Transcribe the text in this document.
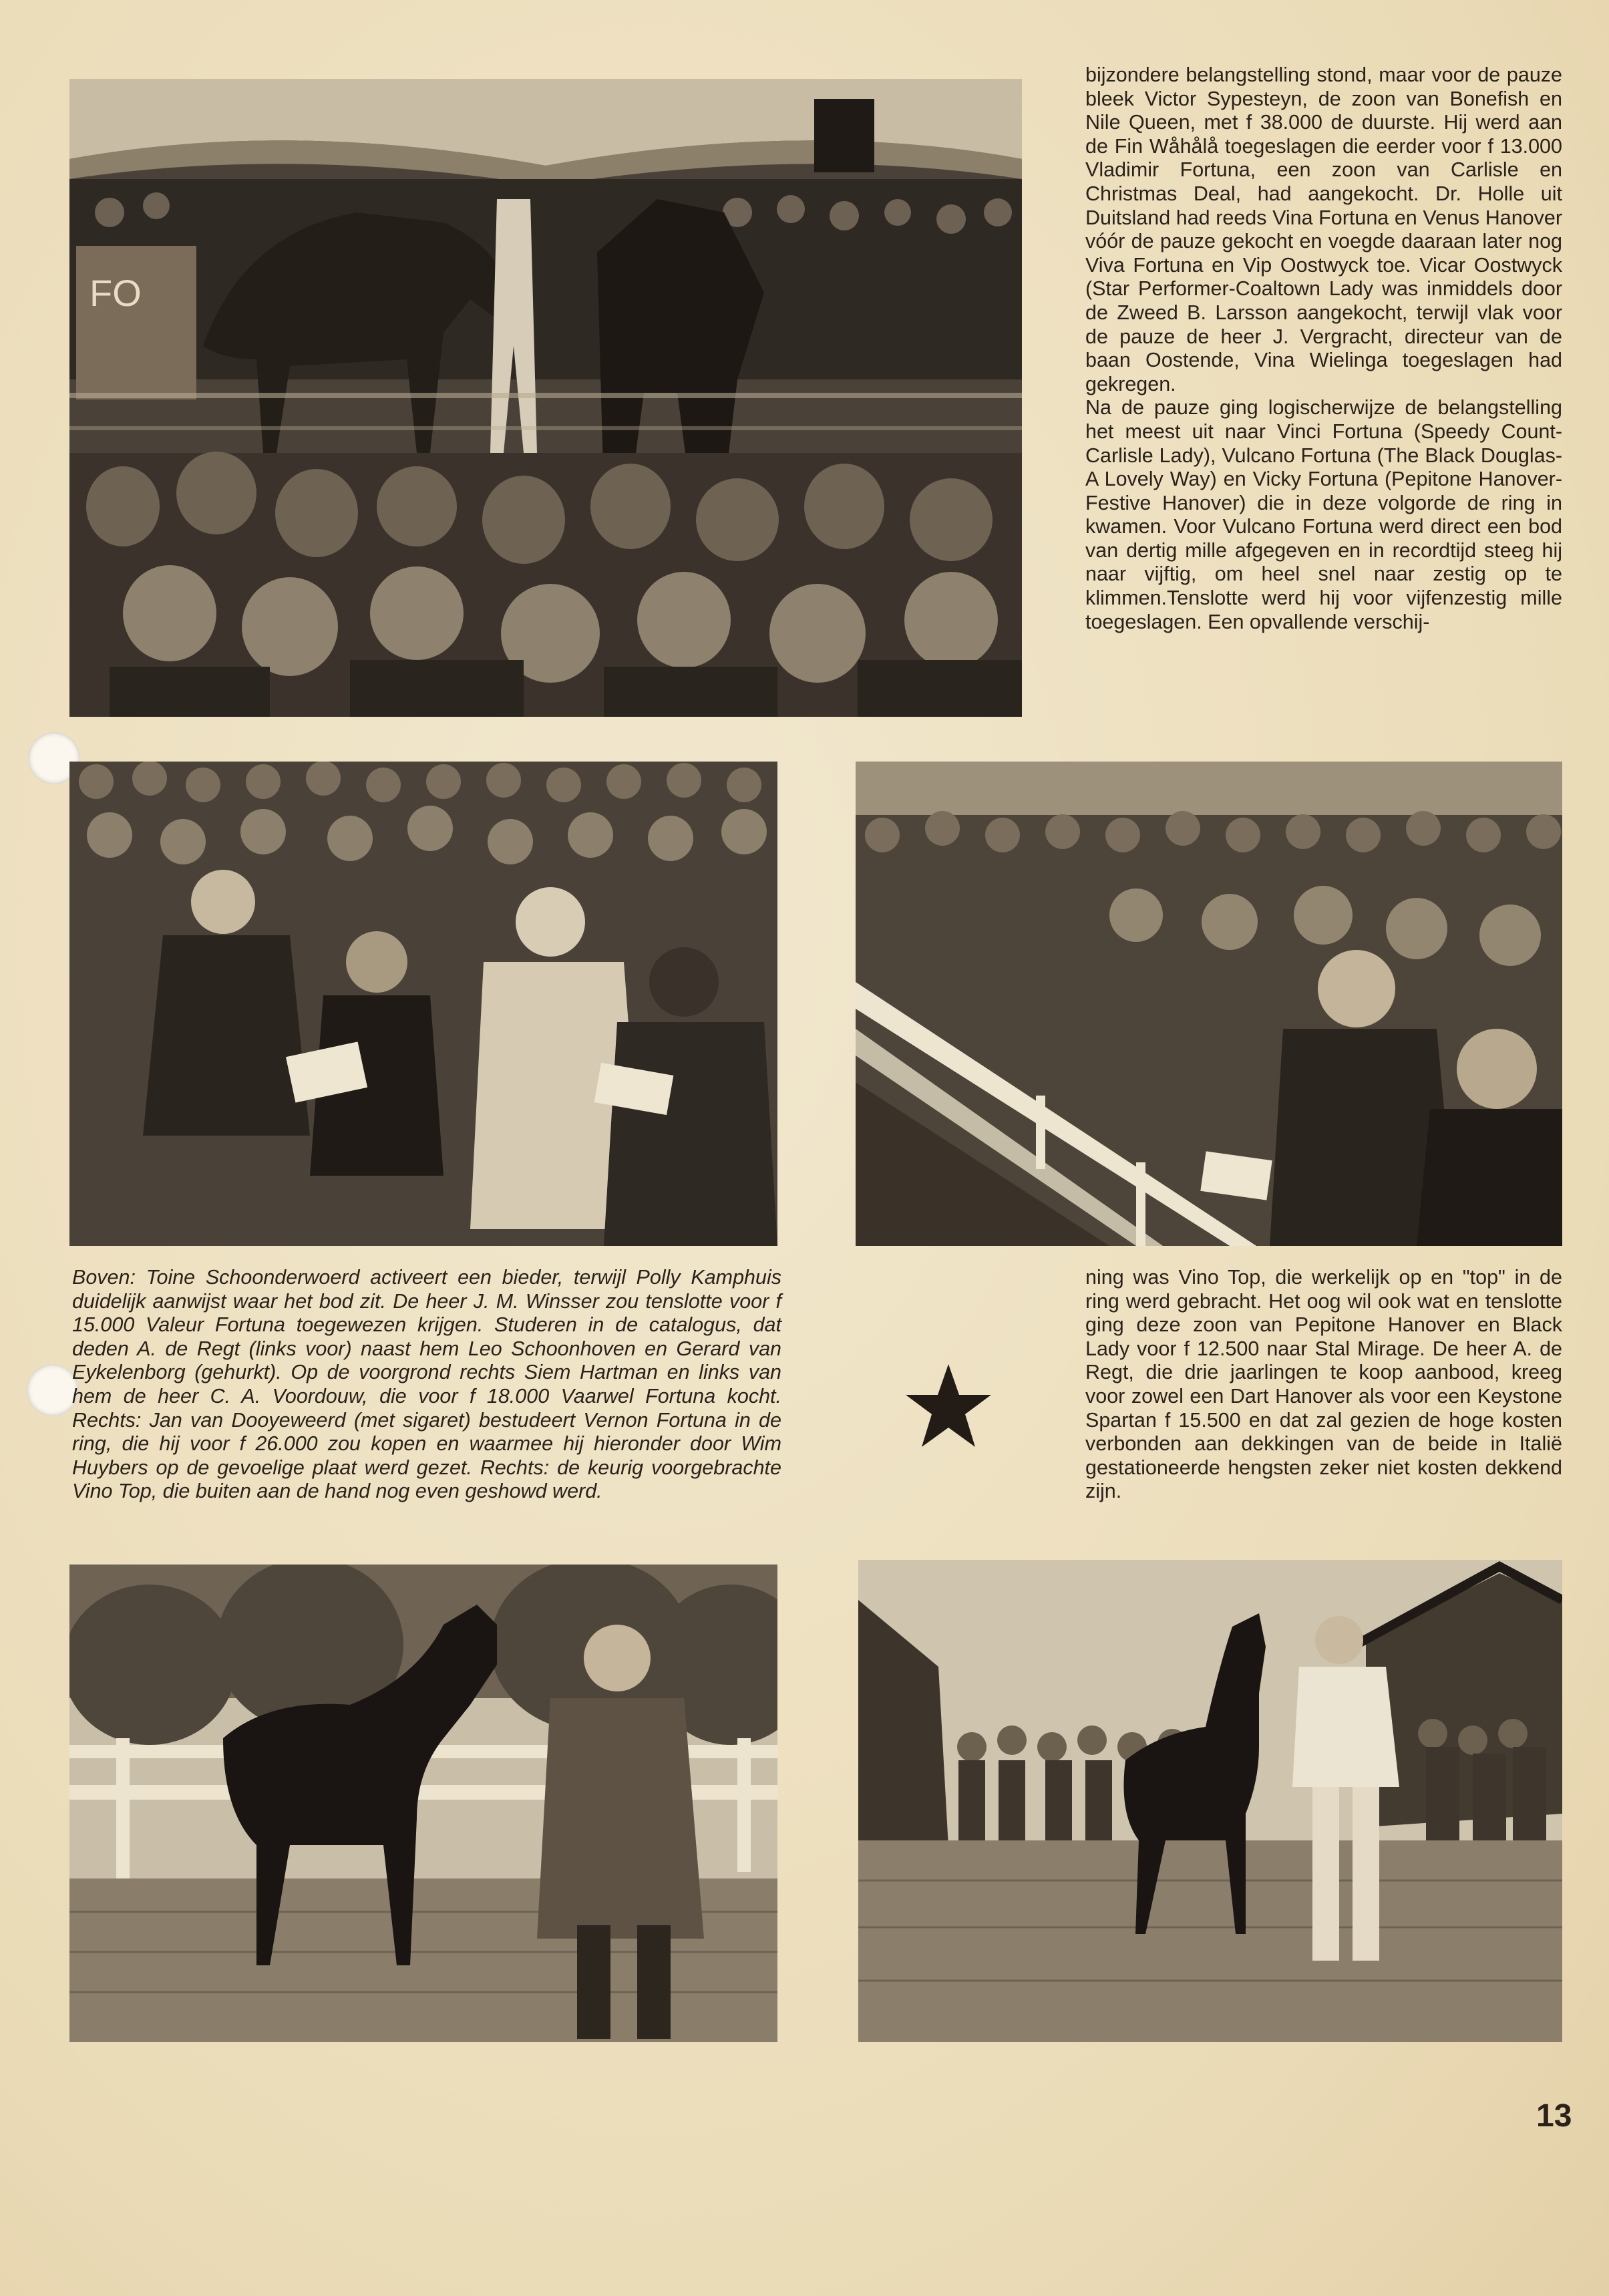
FO

bijzondere belangstelling stond, maar voor de pauze bleek Victor Sypesteyn, de zoon van Bonefish en Nile Queen, met f 38.000 de duurste. Hij werd aan de Fin Wåhålå toegeslagen die eerder voor f 13.000 Vladimir Fortuna, een zoon van Carlisle en Christmas Deal, had aangekocht. Dr. Holle uit Duitsland had reeds Vina Fortuna en Venus Hanover vóór de pauze gekocht en voegde daaraan later nog Viva Fortuna en Vip Oostwyck toe. Vicar Oostwyck (Star Performer-Coaltown Lady was inmiddels door de Zweed B. Larsson aangekocht, terwijl vlak voor de pauze de heer J. Vergracht, directeur van de baan Oostende, Vina Wielinga toegeslagen had gekregen.

Na de pauze ging logischerwijze de belangstelling het meest uit naar Vinci Fortuna (Speedy Count-Carlisle Lady), Vulcano Fortuna (The Black Douglas-A Lovely Way) en Vicky Fortuna (Pepitone Hanover-Festive Hanover) die in deze volgorde de ring in kwamen. Voor Vulcano Fortuna werd direct een bod van dertig mille afgegeven en in recordtijd steeg hij naar vijftig, om heel snel naar zestig op te klimmen.Tenslotte werd hij voor vijfenzestig mille toegeslagen. Een opvallende verschij-

Boven: Toine Schoonderwoerd activeert een bieder, terwijl Polly Kamphuis duidelijk aanwijst waar het bod zit. De heer J. M. Winsser zou tenslotte voor f 15.000 Valeur Fortuna toegewezen krijgen. Studeren in de catalogus, dat deden A. de Regt (links voor) naast hem Leo Schoonhoven en Gerard van Eykelenborg (gehurkt). Op de voorgrond rechts Siem Hartman en links van hem de heer C. A. Voordouw, die voor f 18.000 Vaarwel Fortuna kocht. Rechts: Jan van Dooyeweerd (met sigaret) bestudeert Vernon Fortuna in de ring, die hij voor f 26.000 zou kopen en waarmee hij hieronder door Wim Huybers op de gevoelige plaat werd gezet. Rechts: de keurig voorgebrachte Vino Top, die buiten aan de hand nog even geshowd werd.

ning was Vino Top, die werkelijk op en "top" in de ring werd gebracht. Het oog wil ook wat en tenslotte ging deze zoon van Pepitone Hanover en Black Lady voor f 12.500 naar Stal Mirage. De heer A. de Regt, die drie jaarlingen te koop aanbood, kreeg voor zowel een Dart Hanover als voor een Keystone Spartan f 15.500 en dat zal gezien de hoge kosten verbonden aan dekkingen van de beide in Italië gestationeerde hengsten zeker niet kosten dekkend zijn.

13
